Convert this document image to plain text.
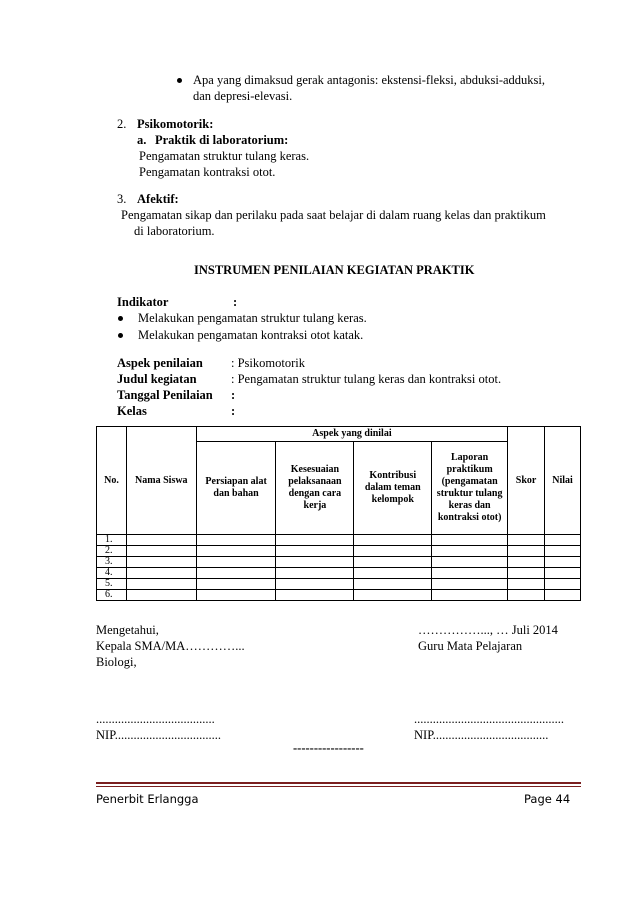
Apa yang dimaksud gerak antagonis: ekstensi-fleksi, abduksi-adduksi,
dan depresi-elevasi.
2. Psikomotorik:
a. Praktik di laboratorium:
Pengamatan struktur tulang keras.
Pengamatan kontraksi otot.
3. Afektif:
Pengamatan sikap dan perilaku pada saat belajar di dalam ruang kelas dan praktikum
di laboratorium.
INSTRUMEN PENILAIAN KEGIATAN PRAKTIK
Indikator	:
Melakukan pengamatan struktur tulang keras.
Melakukan pengamatan kontraksi otot katak.
Aspek penilaian : Psikomotorik
Judul kegiatan	: Pengamatan struktur tulang keras dan kontraksi otot.
Tanggal Penilaian :
Kelas	:
No.	Nama Siswa	Aspek yang dinilai				Skor	Nilai
		Persiapan alat dan bahan	Kesesuaian pelaksanaan dengan cara kerja	Kontribusi dalam teman kelompok	Laporan praktikum (pengamatan struktur tulang keras dan kontraksi otot)		
1.							
2.							
3.							
4.							
5.							
6.							
Mengetahui,
Kepala SMA/MA…………...
Biologi,
……………..., … Juli 2014
Guru Mata Pelajaran
......................................	................................................
NIP..................................	NIP.....................................
-----------------
Penerbit Erlangga	Page 44
